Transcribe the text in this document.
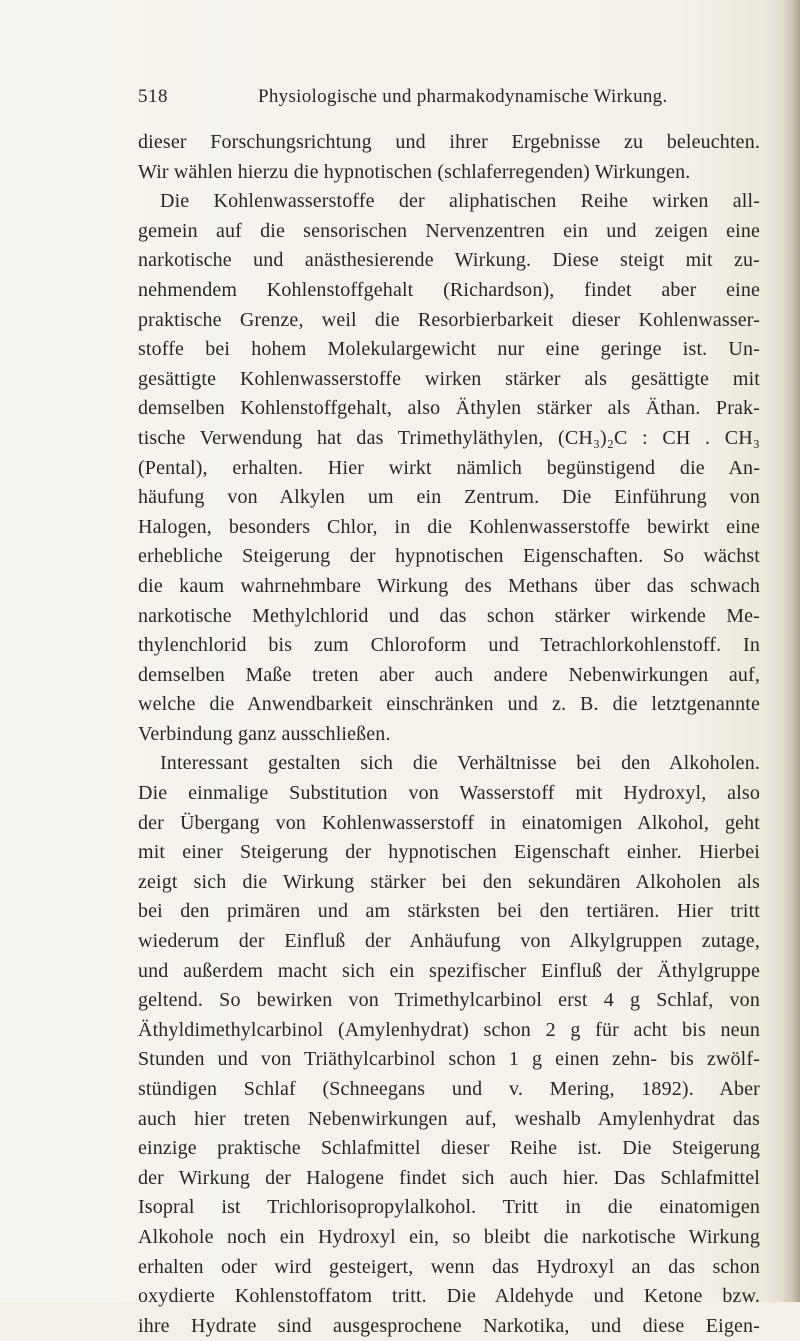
518	Physiologische und pharmakodynamische Wirkung.
dieser Forschungsrichtung und ihrer Ergebnisse zu beleuchten.
Wir wählen hierzu die hypnotischen (schlaferregenden) Wirkungen.
Die Kohlenwasserstoffe der aliphatischen Reihe wirken all-
gemein auf die sensorischen Nervenzentren ein und zeigen eine
narkotische und anästhesierende Wirkung. Diese steigt mit zu-
nehmendem Kohlenstoffgehalt (Richardson), findet aber eine
praktische Grenze, weil die Resorbierbarkeit dieser Kohlenwasser-
stoffe bei hohem Molekulargewicht nur eine geringe ist. Un-
gesättigte Kohlenwasserstoffe wirken stärker als gesättigte mit
demselben Kohlenstoffgehalt, also Äthylen stärker als Äthan. Prak-
tische Verwendung hat das Trimethyläthylen, (CH₃)₂C : CH . CH₃
(Pental), erhalten. Hier wirkt nämlich begünstigend die An-
häufung von Alkylen um ein Zentrum. Die Einführung von
Halogen, besonders Chlor, in die Kohlenwasserstoffe bewirkt eine
erhebliche Steigerung der hypnotischen Eigenschaften. So wächst
die kaum wahrnehmbare Wirkung des Methans über das schwach
narkotische Methylchlorid und das schon stärker wirkende Me-
thylenchlorid bis zum Chloroform und Tetrachlorkohlenstoff. In
demselben Maße treten aber auch andere Nebenwirkungen auf,
welche die Anwendbarkeit einschränken und z. B. die letztgenannte
Verbindung ganz ausschließen.
Interessant gestalten sich die Verhältnisse bei den Alkoholen.
Die einmalige Substitution von Wasserstoff mit Hydroxyl, also
der Übergang von Kohlenwasserstoff in einatomigen Alkohol, geht
mit einer Steigerung der hypnotischen Eigenschaft einher. Hierbei
zeigt sich die Wirkung stärker bei den sekundären Alkoholen als
bei den primären und am stärksten bei den tertiären. Hier tritt
wiederum der Einfluß der Anhäufung von Alkylgruppen zutage,
und außerdem macht sich ein spezifischer Einfluß der Äthylgruppe
geltend. So bewirken von Trimethylcarbinol erst 4 g Schlaf, von
Äthyldimethylcarbinol (Amylenhydrat) schon 2 g für acht bis neun
Stunden und von Triäthylcarbinol schon 1 g einen zehn- bis zwölf-
stündigen Schlaf (Schneegans und v. Mering, 1892). Aber
auch hier treten Nebenwirkungen auf, weshalb Amylenhydrat das
einzige praktische Schlafmittel dieser Reihe ist. Die Steigerung
der Wirkung der Halogene findet sich auch hier. Das Schlafmittel
Isopral ist Trichlorisopropylalkohol. Tritt in die einatomigen
Alkohole noch ein Hydroxyl ein, so bleibt die narkotische Wirkung
erhalten oder wird gesteigert, wenn das Hydroxyl an das schon
oxydierte Kohlenstoffatom tritt. Die Aldehyde und Ketone bzw.
ihre Hydrate sind ausgesprochene Narkotika, und diese Eigen-
